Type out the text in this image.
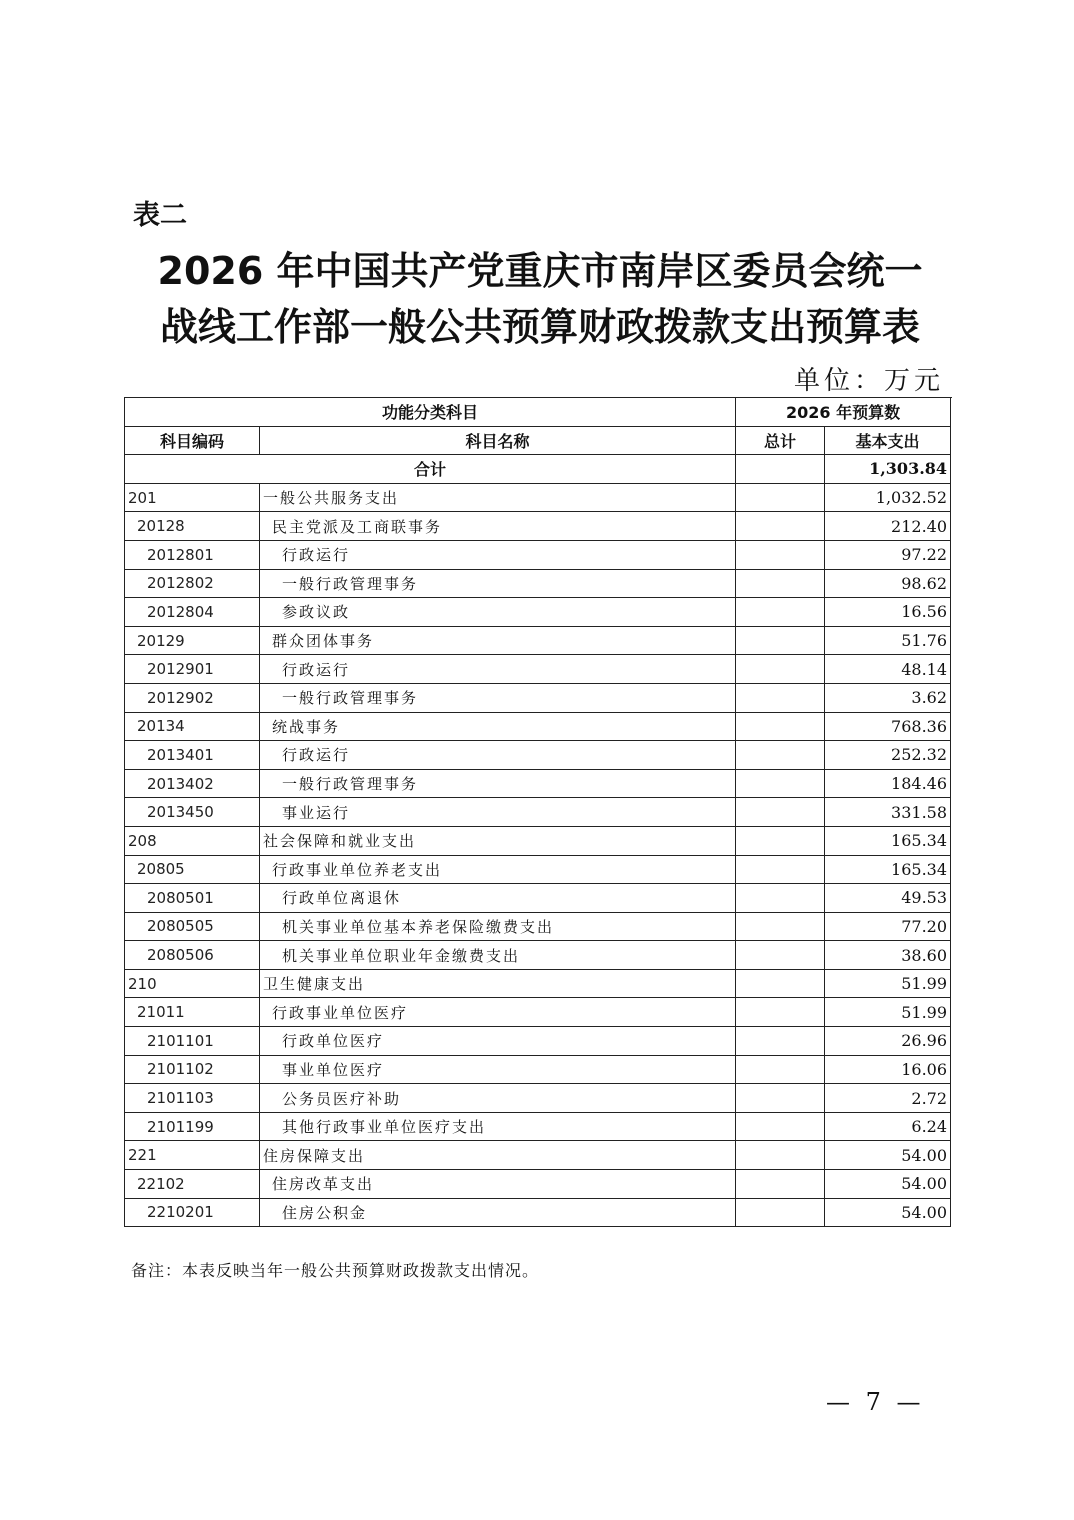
表二
2026 年中国共产党重庆市南岸区委员会统一
战线工作部一般公共预算财政拨款支出预算表
单位：万元
功能分类科目		2026 年预算数		
科目编码	科目名称	总计	基本支出	
合计			1,303.84	
201	一般公共服务支出		1,032.52	
20128	民主党派及工商联事务		212.40	
2012801	行政运行		97.22	
2012802	一般行政管理事务		98.62	
2012804	参政议政		16.56	
20129	群众团体事务		51.76	
2012901	行政运行		48.14	
2012902	一般行政管理事务		3.62	
20134	统战事务		768.36	
2013401	行政运行		252.32	
2013402	一般行政管理事务		184.46	
2013450	事业运行		331.58	
208	社会保障和就业支出		165.34	
20805	行政事业单位养老支出		165.34	
2080501	行政单位离退休		49.53	
2080505	机关事业单位基本养老保险缴费支出		77.20	
2080506	机关事业单位职业年金缴费支出		38.60	
210	卫生健康支出		51.99	
21011	行政事业单位医疗		51.99	
2101101	行政单位医疗		26.96	
2101102	事业单位医疗		16.06	
2101103	公务员医疗补助		2.72	
2101199	其他行政事业单位医疗支出		6.24	
221	住房保障支出		54.00	
22102	住房改革支出		54.00	
2210201	住房公积金		54.00	
备注：本表反映当年一般公共预算财政拨款支出情况。
— 7 —
